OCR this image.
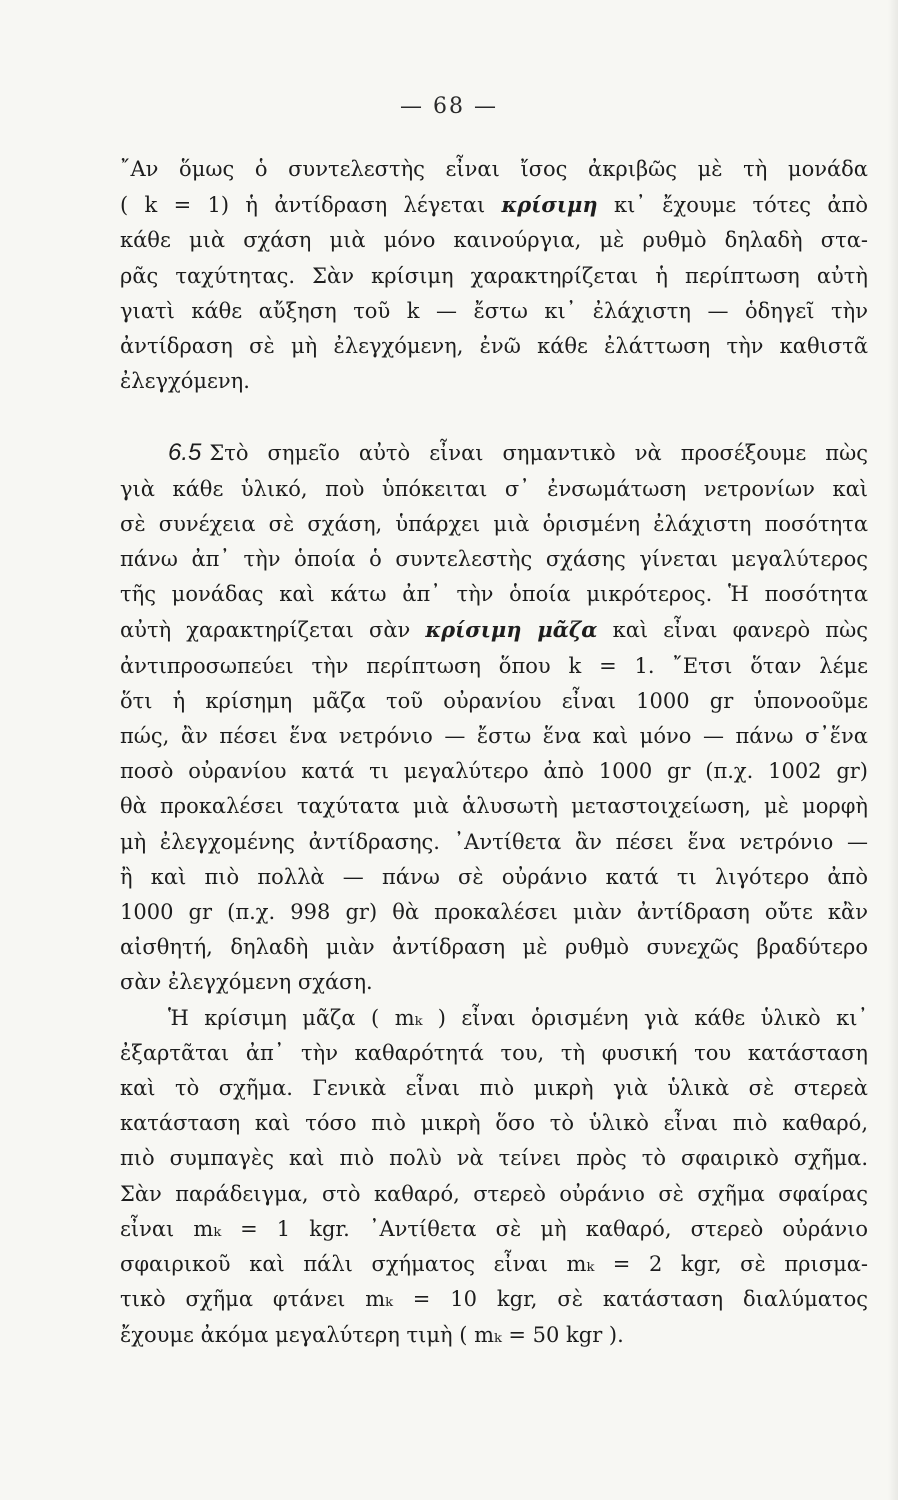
— 68 —
῎Αν ὅμως ὁ συντελεστὴς εἶναι ἴσος ἀκριβῶς μὲ τὴ μονάδα
( k = 1) ἡ ἀντίδραση λέγεται κρίσιμη κι᾿ ἔχουμε τότες ἀπὸ
κάθε μιὰ σχάση μιὰ μόνο καινούργια, μὲ ρυθμὸ δηλαδὴ στα-
ρᾶς ταχύτητας. Σὰν κρίσιμη χαρακτηρίζεται ἡ περίπτωση αὐτὴ
γιατὶ κάθε αὔξηση τοῦ k — ἔστω κι᾿ ἐλάχιστη — ὁδηγεῖ τὴν
ἀντίδραση σὲ μὴ ἐλεγχόμενη, ἐνῶ κάθε ἐλάττωση τὴν καθιστᾶ
ἐλεγχόμενη.
6.5 Στὸ σημεῖο αὐτὸ εἶναι σημαντικὸ νὰ προσέξουμε πὼς
γιὰ κάθε ὑλικό, ποὺ ὑπόκειται σ᾿ ἐνσωμάτωση νετρονίων καὶ
σὲ συνέχεια σὲ σχάση, ὑπάρχει μιὰ ὁρισμένη ἐλάχιστη ποσότητα
πάνω ἀπ᾿ τὴν ὁποία ὁ συντελεστὴς σχάσης γίνεται μεγαλύτερος
τῆς μονάδας καὶ κάτω ἀπ᾿ τὴν ὁποία μικρότερος. Ἡ ποσότητα
αὐτὴ χαρακτηρίζεται σὰν κρίσιμη μᾶζα καὶ εἶναι φανερὸ πὼς
ἀντιπροσωπεύει τὴν περίπτωση ὅπου k = 1. ῎Ετσι ὅταν λέμε
ὅτι ἡ κρίσημη μᾶζα τοῦ οὐρανίου εἶναι 1000 gr ὑπονοοῦμε
πώς, ἂν πέσει ἕνα νετρόνιο — ἔστω ἕνα καὶ μόνο — πάνω σ᾿ἕνα
ποσὸ οὐρανίου κατά τι μεγαλύτερο ἀπὸ 1000 gr (π.χ. 1002 gr)
θὰ προκαλέσει ταχύτατα μιὰ ἁλυσωτὴ μεταστοιχείωση, μὲ μορφὴ
μὴ ἐλεγχομένης ἀντίδρασης. ᾿Αντίθετα ἂν πέσει ἕνα νετρόνιο —
ἢ καὶ πιὸ πολλὰ — πάνω σὲ οὐράνιο κατά τι λιγότερο ἀπὸ
1000 gr (π.χ. 998 gr) θὰ προκαλέσει μιὰν ἀντίδραση οὔτε κἂν
αἰσθητή, δηλαδὴ μιὰν ἀντίδραση μὲ ρυθμὸ συνεχῶς βραδύτερο
σὰν ἐλεγχόμενη σχάση.
Ἡ κρίσιμη μᾶζα ( mₖ ) εἶναι ὁρισμένη γιὰ κάθε ὑλικὸ κι᾿
ἐξαρτᾶται ἀπ᾿ τὴν καθαρότητά του, τὴ φυσική του κατάσταση
καὶ τὸ σχῆμα. Γενικὰ εἶναι πιὸ μικρὴ γιὰ ὑλικὰ σὲ στερεὰ
κατάσταση καὶ τόσο πιὸ μικρὴ ὅσο τὸ ὑλικὸ εἶναι πιὸ καθαρό,
πιὸ συμπαγὲς καὶ πιὸ πολὺ νὰ τείνει πρὸς τὸ σφαιρικὸ σχῆμα.
Σὰν παράδειγμα, στὸ καθαρό, στερεὸ οὐράνιο σὲ σχῆμα σφαίρας
εἶναι mₖ = 1 kgr. ᾿Αντίθετα σὲ μὴ καθαρό, στερεὸ οὐράνιο
σφαιρικοῦ καὶ πάλι σχήματος εἶναι mₖ = 2 kgr, σὲ πρισμα-
τικὸ σχῆμα φτάνει mₖ = 10 kgr, σὲ κατάσταση διαλύματος
ἔχουμε ἀκόμα μεγαλύτερη τιμὴ ( mₖ = 50 kgr ).
